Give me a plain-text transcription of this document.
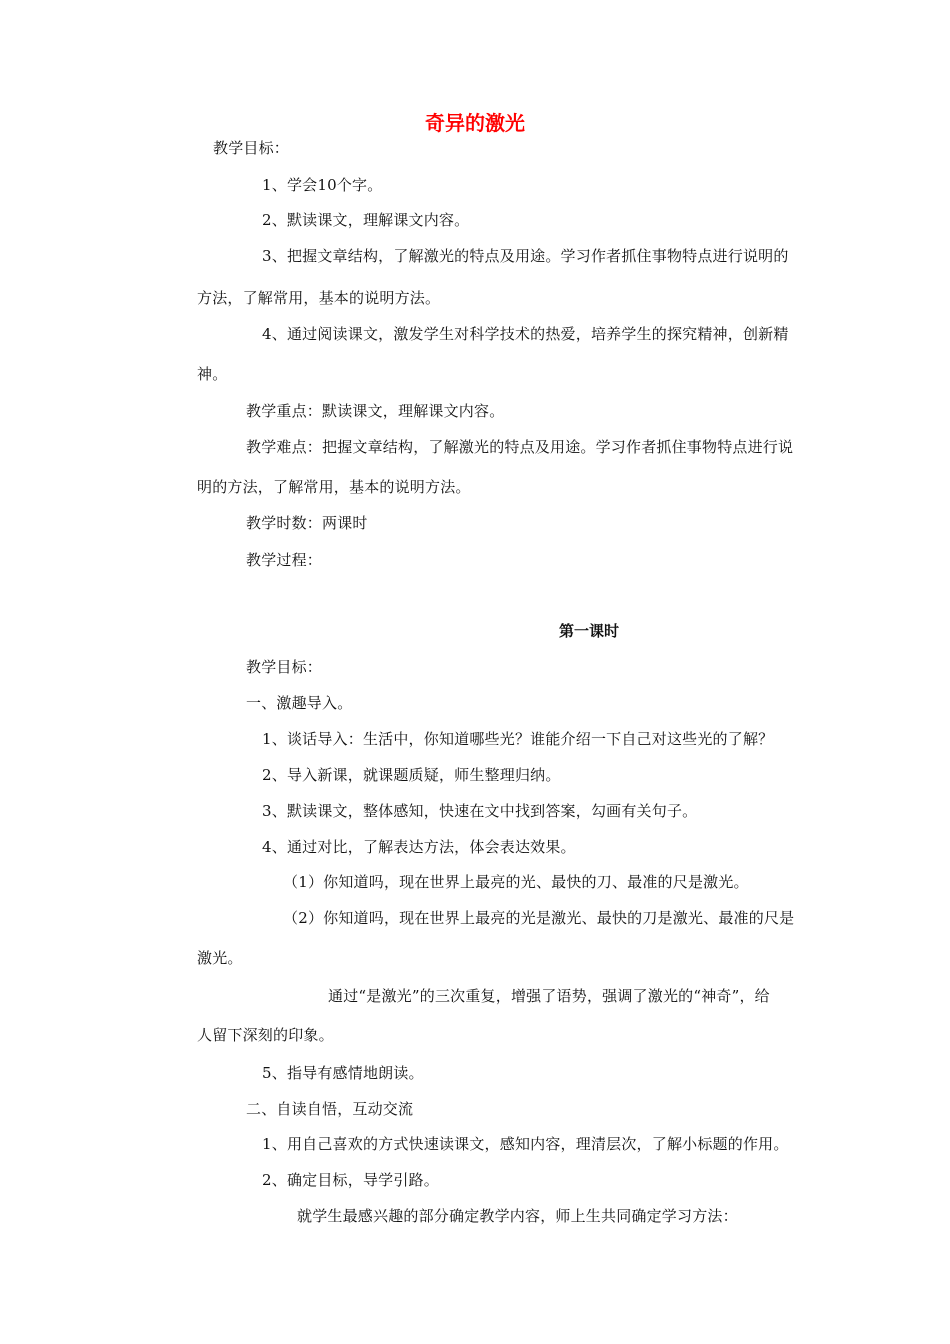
奇异的激光
教学目标：
1、学会10个字。
2、默读课文，理解课文内容。
3、把握文章结构，了解激光的特点及用途。学习作者抓住事物特点进行说明的
方法，了解常用，基本的说明方法。
4、通过阅读课文，激发学生对科学技术的热爱，培养学生的探究精神，创新精
神。
教学重点：默读课文，理解课文内容。
教学难点：把握文章结构，了解激光的特点及用途。学习作者抓住事物特点进行说
明的方法，了解常用，基本的说明方法。
教学时数：两课时
教学过程：
第一课时
教学目标：
一、激趣导入。
1、谈话导入：生活中，你知道哪些光？谁能介绍一下自己对这些光的了解？
2、导入新课，就课题质疑，师生整理归纳。
3、默读课文，整体感知，快速在文中找到答案，勾画有关句子。
4、通过对比，了解表达方法，体会表达效果。
（1）你知道吗，现在世界上最亮的光、最快的刀、最准的尺是激光。
（2）你知道吗，现在世界上最亮的光是激光、最快的刀是激光、最准的尺是
激光。
通过“是激光”的三次重复，增强了语势，强调了激光的“神奇”，给
人留下深刻的印象。
5、指导有感情地朗读。
二、自读自悟，互动交流
1、用自己喜欢的方式快速读课文，感知内容，理清层次，了解小标题的作用。
2、确定目标，导学引路。
就学生最感兴趣的部分确定教学内容，师上生共同确定学习方法：
